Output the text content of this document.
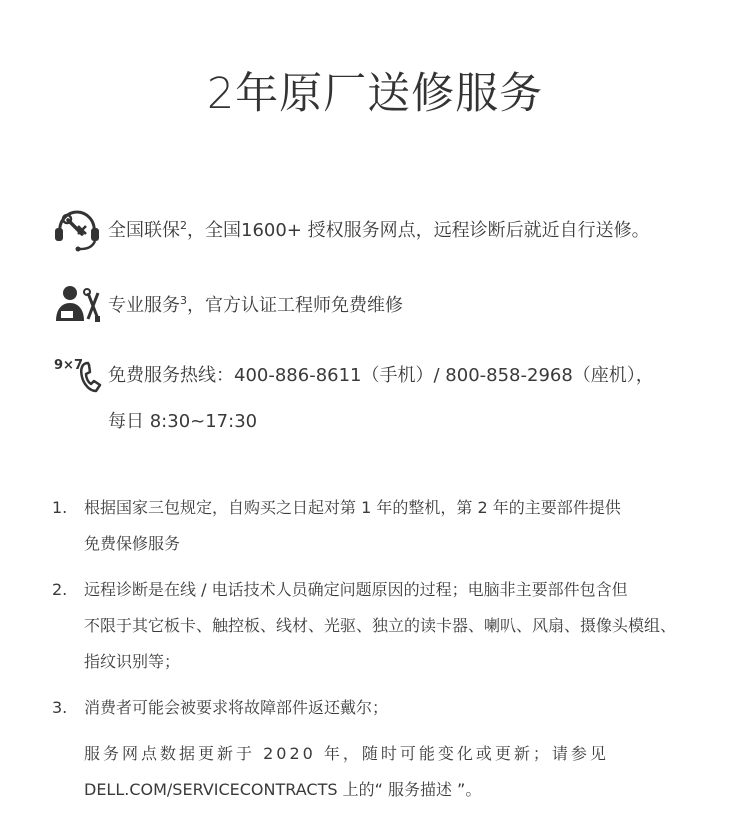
2年原厂送修服务
全国联保$^2$，全国1600+ 授权服务网点，远程诊断后就近自行送修。
专业服务$^3$，官方认证工程师免费维修
9×7 免费服务热线：400-886-8611（手机）/ 800-858-2968（座机），
每日 8:30~17:30
1.	根据国家三包规定，自购买之日起对第 1 年的整机，第 2 年的主要部件提供
免费保修服务
2.	远程诊断是在线 / 电话技术人员确定问题原因的过程；电脑非主要部件包含但
不限于其它板卡、触控板、线材、光驱、独立的读卡器、喇叭、风扇、摄像头模组、
指纹识别等；
3.	消费者可能会被要求将故障部件返还戴尔；
服务网点数据更新于 2020 年，随时可能变化或更新；请参见
DELL.COM/SERVICECONTRACTS 上的“ 服务描述 ”。
